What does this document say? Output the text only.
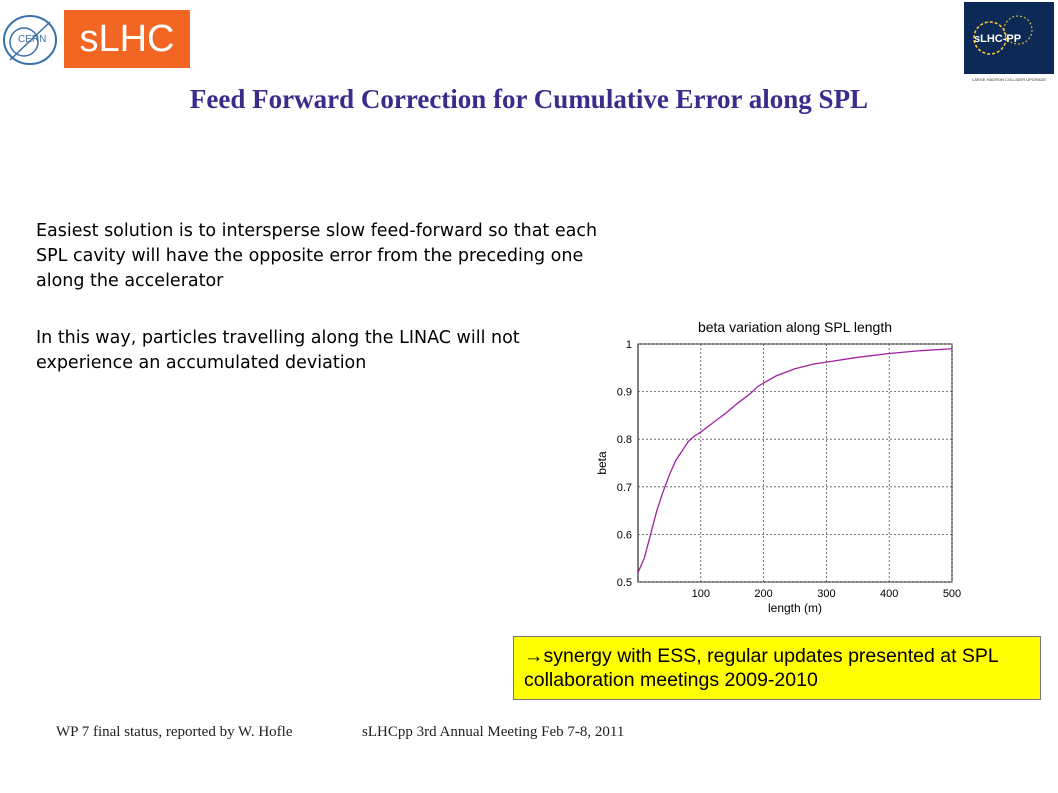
CERN sLHC	sLHC-PP
LARGE HADRON COLLIDER UPGRADE
Feed Forward Correction for Cumulative Error along SPL
Easiest solution is to intersperse slow feed-forward so that each SPL cavity will have the opposite error from the preceding one along the accelerator
In this way, particles travelling along the LINAC will not experience an accumulated deviation
100	200	300	400	500
0.5
0.6
0.7
0.8
0.9
1
beta variation along SPL length
length (m)
beta
→synergy with ESS, regular updates presented at SPL collaboration meetings 2009-2010
WP 7 final status, reported by W. Hofle	sLHCpp 3rd Annual Meeting Feb 7-8, 2011
